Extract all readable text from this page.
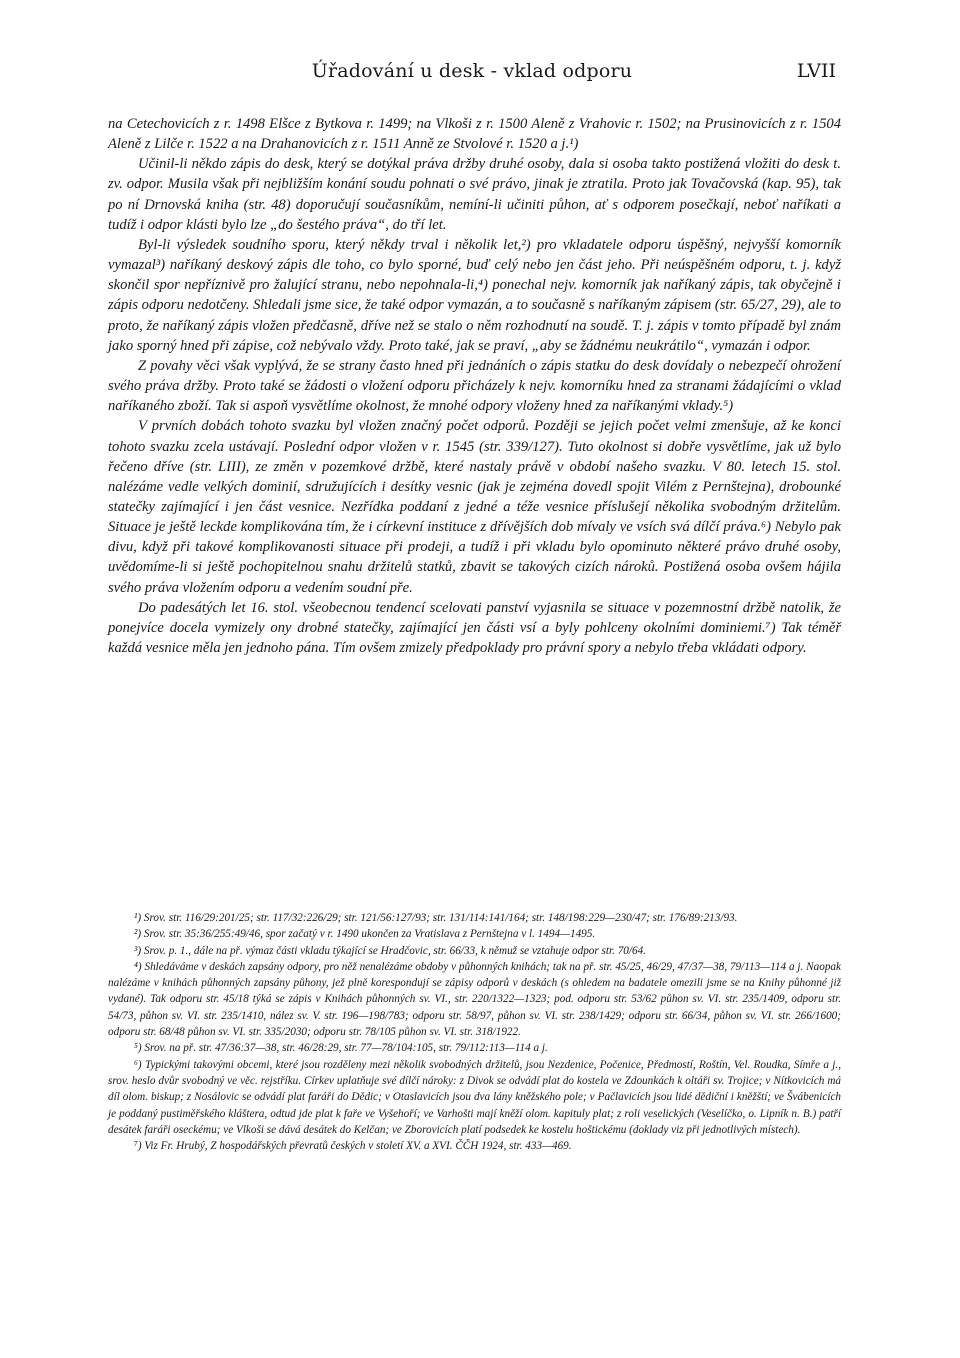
Úřadování u desk - vklad odporu	LVII

na Cetechovicích z r. 1498 Elšce z Bytkova r. 1499; na Vlkoši z r. 1500 Aleně z Vrahovic r. 1502; na Prusinovicích z r. 1504 Aleně z Lilče r. 1522 a na Drahanovicích z r. 1511 Anně ze Stvolové r. 1520 a j.¹)

Učinil-li někdo zápis do desk, který se dotýkal práva držby druhé osoby, dala si osoba takto postižená vložiti do desk t. zv. odpor. Musila však při nejbližším konání soudu pohnati o své právo, jinak je ztratila. Proto jak Tovačovská (kap. 95), tak po ní Drnovská kniha (str. 48) doporučují současníkům, nemíní-li učiniti půhon, ať s odporem posečkají, neboť naříkati a tudíž i odpor klásti bylo lze „do šestého práva“, do tří let.

Byl-li výsledek soudního sporu, který někdy trval i několik let,²) pro vkladatele odporu úspěšný, nejvyšší komorník vymazal³) naříkaný deskový zápis dle toho, co bylo sporné, buď celý nebo jen část jeho. Při neúspěšném odporu, t. j. když skončil spor nepříznivě pro žalující stranu, nebo nepohnala-li,⁴) ponechal nejv. komorník jak naříkaný zápis, tak obyčejně i zápis odporu nedotčeny. Shledali jsme sice, že také odpor vymazán, a to současně s naříkaným zápisem (str. 65/27, 29), ale to proto, že naříkaný zápis vložen předčasně, dříve než se stalo o něm rozhodnutí na soudě. T. j. zápis v tomto případě byl znám jako sporný hned při zápise, což nebývalo vždy. Proto také, jak se praví, „aby se žádnému neukrátilo“, vymazán i odpor.

Z povahy věci však vyplývá, že se strany často hned při jednáních o zápis statku do desk dovídaly o nebezpečí ohrožení svého práva držby. Proto také se žádosti o vložení odporu přicházely k nejv. komorníku hned za stranami žádajícími o vklad naříkaného zboží. Tak si aspoň vysvětlíme okolnost, že mnohé odpory vloženy hned za naříkanými vklady.⁵)

V prvních dobách tohoto svazku byl vložen značný počet odporů. Později se jejich počet velmi zmenšuje, až ke konci tohoto svazku zcela ustávají. Poslední odpor vložen v r. 1545 (str. 339/127). Tuto okolnost si dobře vysvětlíme, jak už bylo řečeno dříve (str. LIII), ze změn v pozemkové držbě, které nastaly právě v období našeho svazku. V 80. letech 15. stol. nalézáme vedle velkých dominií, sdružujících i desítky vesnic (jak je zejména dovedl spojit Vilém z Pernštejna), drobounké statečky zajímající i jen část vesnice. Nezřídka poddaní z jedné a téže vesnice příslušejí několika svobodným držitelům. Situace je ještě leckde komplikována tím, že i církevní instituce z dřívějších dob mívaly ve vsích svá dílčí práva.⁶) Nebylo pak divu, když při takové komplikovanosti situace při prodeji, a tudíž i při vkladu bylo opominuto některé právo druhé osoby, uvědomíme-li si ještě pochopitelnou snahu držitelů statků, zbavit se takových cizích nároků. Postižená osoba ovšem hájila svého práva vložením odporu a vedením soudní pře.

Do padesátých let 16. stol. všeobecnou tendencí scelovati panství vyjasnila se situace v pozemnostní držbě natolik, že ponejvíce docela vymizely ony drobné statečky, zajímající jen části vsí a byly pohlceny okolními dominiemi.⁷) Tak téměř každá vesnice měla jen jednoho pána. Tím ovšem zmizely předpoklady pro právní spory a nebylo třeba vkládati odpory.

¹) Srov. str. 116/29:201/25; str. 117/32:226/29; str. 121/56:127/93; str. 131/114:141/164; str. 148/198:229—230/47; str. 176/89:213/93.

²) Srov. str. 35:36/255:49/46, spor začatý v r. 1490 ukončen za Vratislava z Pernštejna v l. 1494—1495.

³) Srov. p. 1., dále na př. výmaz části vkladu týkající se Hradčovic, str. 66/33, k němuž se vztahuje odpor str. 70/64.

⁴) Shledáváme v deskách zapsány odpory, pro něž nenalézáme obdoby v půhonných knihách; tak na př. str. 45/25, 46/29, 47/37—38, 79/113—114 a j. Naopak nalézáme v knihách půhonných zapsány půhony, jež plně korespondují se zápisy odporů v deskách (s ohledem na badatele omezili jsme se na Knihy půhonné již vydané). Tak odporu str. 45/18 týká se zápis v Knihách půhonných sv. VI., str. 220/1322—1323; pod. odporu str. 53/62 půhon sv. VI. str. 235/1409, odporu str. 54/73, půhon sv. VI. str. 235/1410, nález sv. V. str. 196—198/783; odporu str. 58/97, půhon sv. VI. str. 238/1429; odporu str. 66/34, půhon sv. VI. str. 266/1600; odporu str. 68/48 půhon sv. VI. str. 335/2030; odporu str. 78/105 půhon sv. VI. str. 318/1922.

⁵) Srov. na př. str. 47/36:37—38, str. 46/28:29, str. 77—78/104:105, str. 79/112:113—114 a j.

⁶) Typickými takovými obcemi, které jsou rozděleny mezi několik svobodných držitelů, jsou Nezdenice, Počenice, Předmostí, Roštín, Vel. Roudka, Símře a j., srov. heslo dvůr svobodný ve věc. rejstříku. Církev uplatňuje své dílčí nároky: z Divok se odvádí plat do kostela ve Zdounkách k oltáři sv. Trojice; v Nítkovicích má díl olom. biskup; z Nosálovic se odvádí plat faráři do Dědic; v Otaslavicích jsou dva lány kněžského pole; v Pačlavicích jsou lidé dědiční i kněžští; ve Švábenicích je poddaný pustiměřského kláštera, odtud jde plat k faře ve Vyšehoří; ve Varhošti mají kněží olom. kapituly plat; z roli veselických (Veselíčko, o. Lipník n. B.) patří desátek faráři oseckému; ve Vlkoši se dává desátek do Kelčan; ve Zborovicích platí podsedek ke kostelu hoštickému (doklady viz při jednotlivých místech).

⁷) Viz Fr. Hrubý, Z hospodářských převratů českých v století XV. a XVI. ČČH 1924, str. 433—469.
